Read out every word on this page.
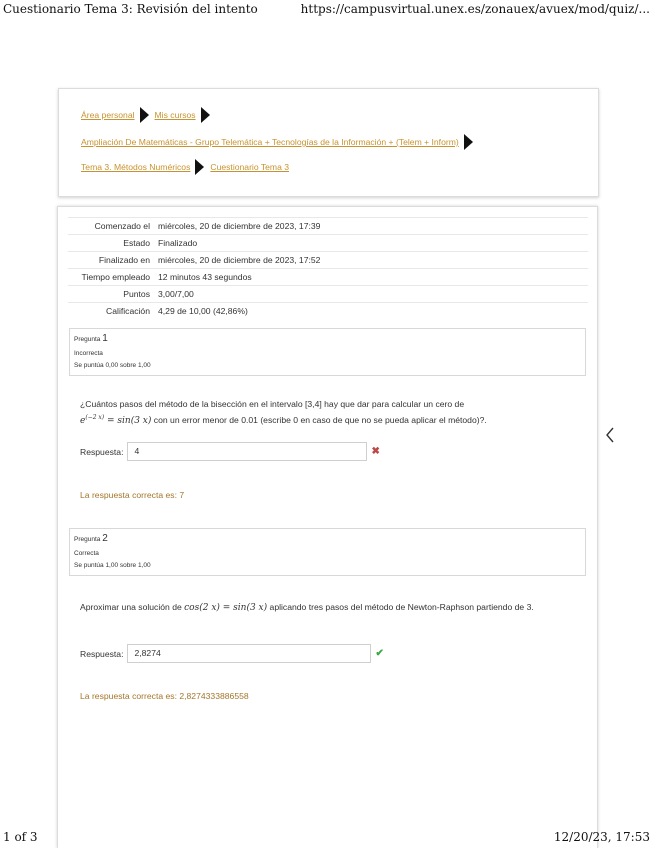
Cuestionario Tema 3: Revisión del intento	https://campusvirtual.unex.es/zonauex/avuex/mod/quiz/...
Área personal Mis cursos
Ampliación De Matemáticas - Grupo Telemática + Tecnologías de la Información + (Telem + Inform)
Tema 3. Métodos Numéricos Cuestionario Tema 3
Comenzado el	miércoles, 20 de diciembre de 2023, 17:39
Estado	Finalizado
Finalizado en	miércoles, 20 de diciembre de 2023, 17:52
Tiempo empleado	12 minutos 43 segundos
Puntos	3,00/7,00
Calificación	4,29 de 10,00 (42,86%)
Pregunta 1
Incorrecta
Se puntúa 0,00 sobre 1,00
¿Cuántos pasos del método de la bisección en el intervalo [3,4] hay que dar para calcular un cero de
$e^{(-2 x)} = \sin(3$ x) con un error menor de 0.01 (escribe 0 en caso de que no se pueda aplicar el método)?.
Respuesta:	4	✖
La respuesta correcta es: 7
Pregunta 2
Correcta
Se puntúa 1,00 sobre 1,00
Aproximar una solución de cos(2 x) = sin(3 x) aplicando tres pasos del método de Newton-Raphson partiendo de 3.
Respuesta:	2,8274	✔
La respuesta correcta es: 2,8274333886558
1 of 3	12/20/23, 17:53
